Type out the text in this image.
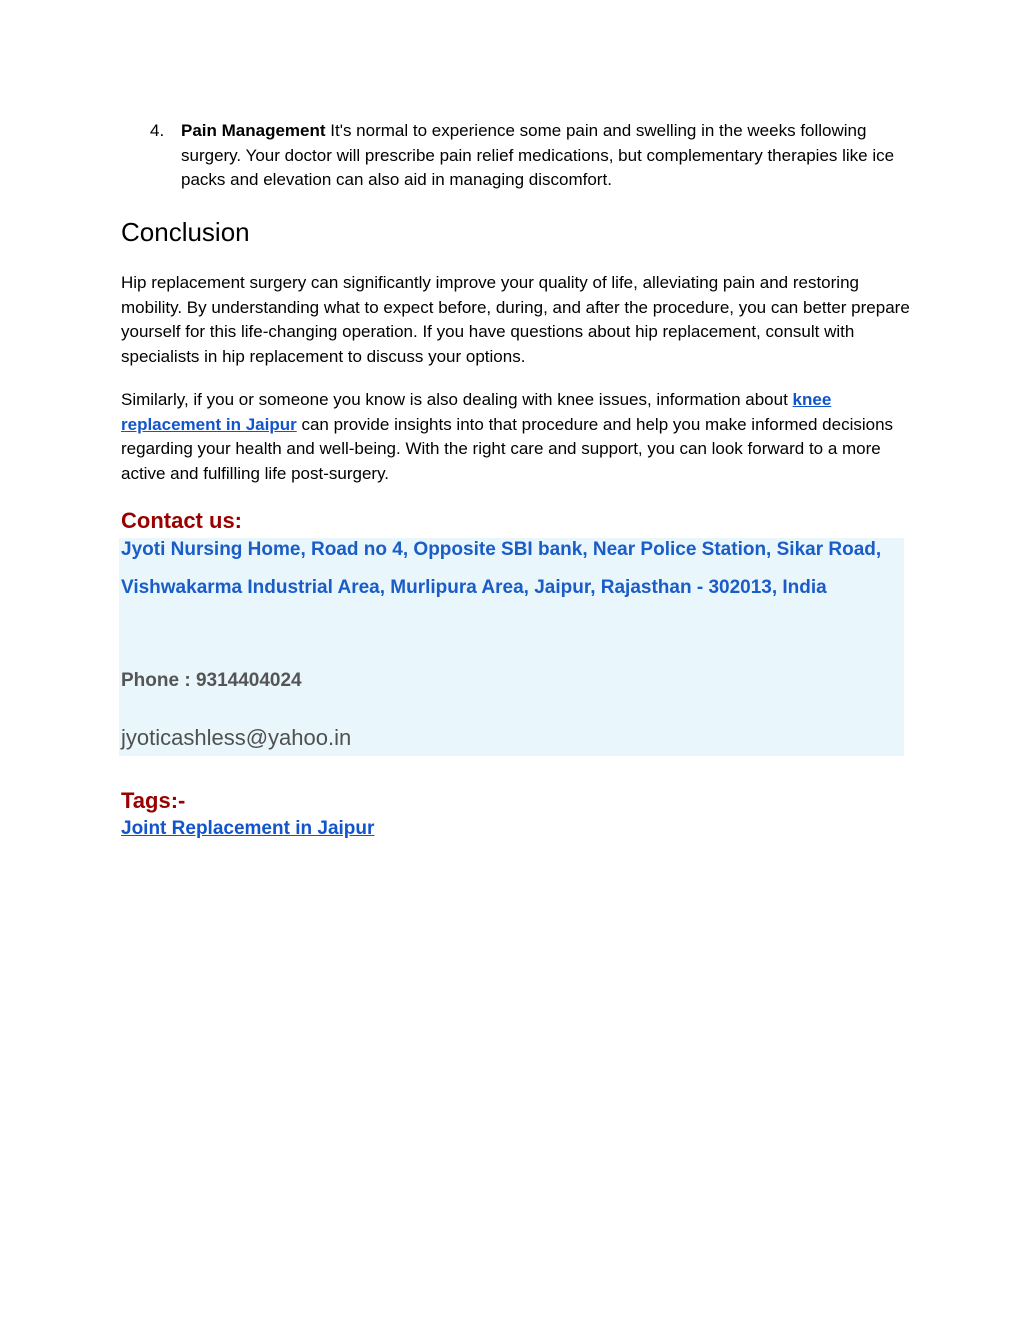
4. Pain Management It's normal to experience some pain and swelling in the weeks following surgery. Your doctor will prescribe pain relief medications, but complementary therapies like ice packs and elevation can also aid in managing discomfort.
Conclusion

Hip replacement surgery can significantly improve your quality of life, alleviating pain and restoring mobility. By understanding what to expect before, during, and after the procedure, you can better prepare yourself for this life-changing operation. If you have questions about hip replacement, consult with specialists in hip replacement to discuss your options.

Similarly, if you or someone you know is also dealing with knee issues, information about knee replacement in Jaipur can provide insights into that procedure and help you make informed decisions regarding your health and well-being. With the right care and support, you can look forward to a more active and fulfilling life post-surgery.

Contact us:

Jyoti Nursing Home, Road no 4, Opposite SBI bank, Near Police Station, Sikar Road, Vishwakarma Industrial Area, Murlipura Area, Jaipur, Rajasthan - 302013, India

Phone : 9314404024

jyoticashless@yahoo.in

Tags:-
Joint Replacement in Jaipur
